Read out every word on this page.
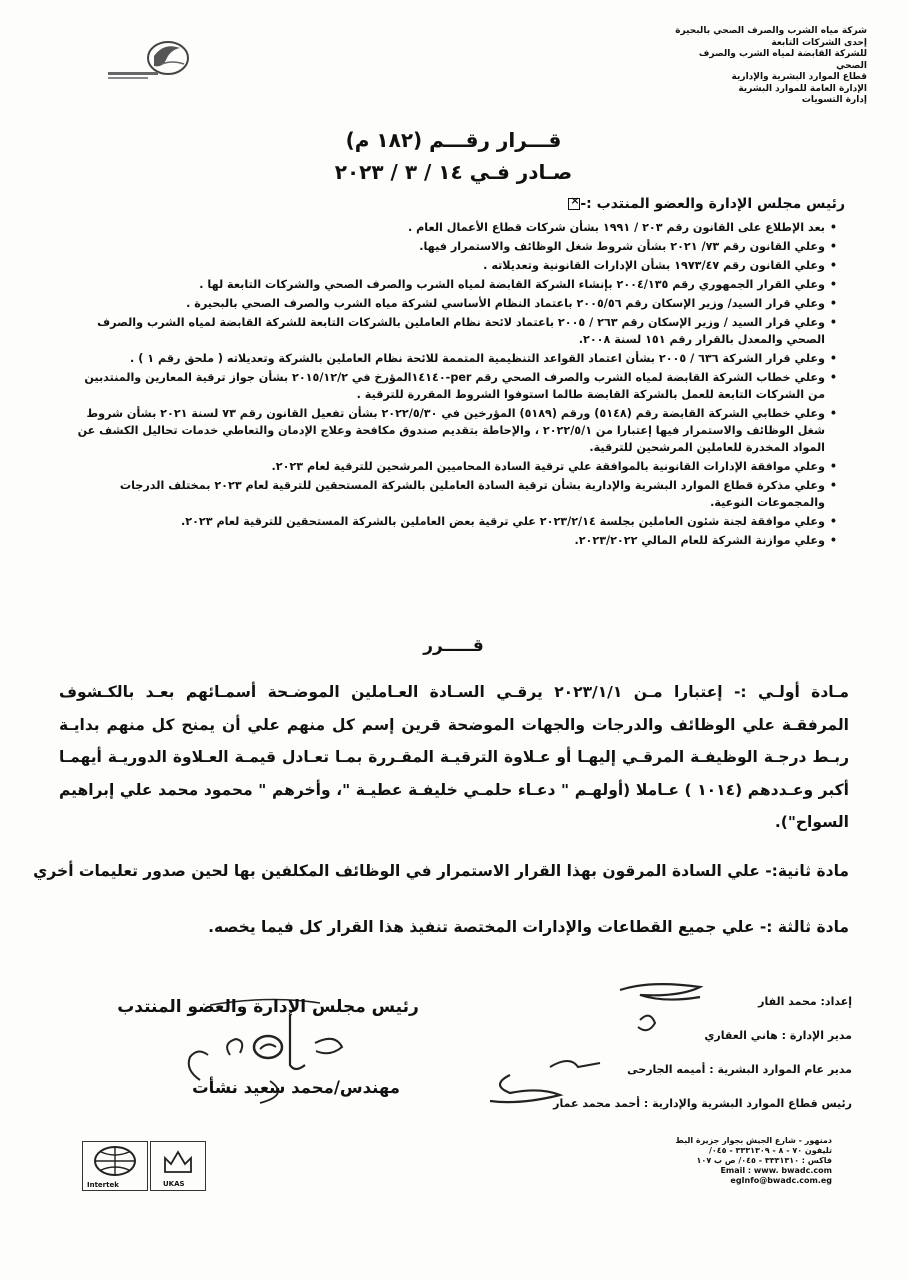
شركة مياه الشرب والصرف الصحي بالبحيرة
إحدى الشركات التابعة
للشركة القابضة لمياه الشرب والصرف الصحي
قطاع الموارد البشرية والإدارية
الإدارة العامة للموارد البشرية
إدارة التسويات
قـــرار رقـــم (١٨٢ م)
صـادر فـي ١٤ / ٣ / ٢٠٢٣
رئيس مجلس الإدارة والعضو المنتدب :-×
• بعد الإطلاع على القانون رقم ٢٠٣ / ١٩٩١ بشأن شركات قطاع الأعمال العام .
• وعلي القانون رقم ٧٣/ ٢٠٢١ بشأن شروط شغل الوظائف والاستمرار فيها.
• وعلي القانون رقم ١٩٧٣/٤٧ بشأن الإدارات القانونية وتعديلاته .
• وعلي القرار الجمهوري رقم ٢٠٠٤/١٣٥ بإنشاء الشركة القابضة لمياه الشرب والصرف الصحي والشركات التابعة لها .
• وعلي قرار السيد/ وزير الإسكان رقم ٢٠٠٥/٥٦ باعتماد النظام الأساسي لشركة مياه الشرب والصرف الصحي بالبحيرة .
• وعلي قرار السيد / وزير الإسكان رقم ٢٦٣ / ٢٠٠٥ باعتماد لائحة نظام العاملين بالشركات التابعة للشركة القابضة لمياه الشرب والصرف الصحي والمعدل بالقرار رقم ١٥١ لسنة ٢٠٠٨.
• وعلي قرار الشركة ٦٣٦ / ٢٠٠٥ بشأن اعتماد القواعد التنظيمية المتممة للائحة نظام العاملين بالشركة وتعديلاته ( ملحق رقم ١ ) .
• وعلي خطاب الشركة القابضة لمياه الشرب والصرف الصحي رقم per-١٤١٤٠المؤرخ في ٢٠١٥/١٢/٢ بشأن جواز ترقية المعارين والمنتدبين من الشركات التابعة للعمل بالشركة القابضة طالما استوفوا الشروط المقررة للترقية .
• وعلي خطابي الشركة القابضة رقم (٥١٤٨) ورقم (٥١٨٩) المؤرخين في ٢٠٢٢/٥/٣٠ بشأن تفعيل القانون رقم ٧٣ لسنة ٢٠٢١ بشأن شروط شغل الوظائف والاستمرار فيها إعتبارا من ٢٠٢٢/٥/١ ، والإحاطة بتقديم صندوق مكافحة وعلاج الإدمان والتعاطي خدمات تحاليل الكشف عن المواد المخدرة للعاملين المرشحين للترقية.
• وعلي موافقة الإدارات القانونية بالموافقة علي ترقية السادة المحاميين المرشحين للترقية لعام ٢٠٢٣.
• وعلي مذكرة قطاع الموارد البشرية والإدارية بشأن ترقية السادة العاملين بالشركة المستحقين للترقية لعام ٢٠٢٣ بمختلف الدرجات والمجموعات النوعية.
• وعلي موافقة لجنة شئون العاملين بجلسة ٢٠٢٣/٢/١٤ علي ترقية بعض العاملين بالشركة المستحقين للترقية لعام ٢٠٢٣.
• وعلي موازنة الشركة للعام المالي ٢٠٢٣/٢٠٢٢.
قـــــرر
مـادة أولـي :- إعتبارا مـن ٢٠٢٣/١/١ يرقـي السـادة العـاملين الموضـحة أسمـائهم بعـد بالكـشوف المرفقـة علي الوظائف والدرجات والجهات الموضحة قرين إسم كل منهم علي أن يمنح كل منهم بدايـة ربـط درجـة الوظيفـة المرقـي إليهـا أو عـلاوة الترقيـة المقـررة بمـا تعـادل قيمـة العـلاوة الدوريـة أيهمـا أكبر وعـددهم (١٠١٤ ) عـاملا (أولهـم " دعـاء حلمـي خليفـة عطيـة "، وأخرهم " محمود محمد علي إبراهيم السواح").
مادة ثانية:- علي السادة المرقون بهذا القرار الاستمرار في الوظائف المكلفين بها لحين صدور تعليمات أخري
مادة ثالثة :- علي جميع القطاعات والإدارات المختصة تنفيذ هذا القرار كل فيما يخصه.
رئيس مجلس الإدارة والعضو المنتدب
مهندس/محمد سعيد نشأت
إعداد: محمد الفار
مدير الإدارة : هاني العقاري
مدير عام الموارد البشرية : أميمه الجارحى
رئيس قطاع الموارد البشرية والإدارية : أحمد محمد عمار
Intertek	UKAS
دمنهور - شارع الجيش بجوار جزيرة البط
تليفون ٧٠ - ٨ - ٣٣٣١٣٠٩ - ٠٤٥/
فاكس : ٣٣٣١٣١٠ - ٠٤٥/ ص ب ١٠٧
Email : www. bwadc.com egInfo@bwadc.com.eg
